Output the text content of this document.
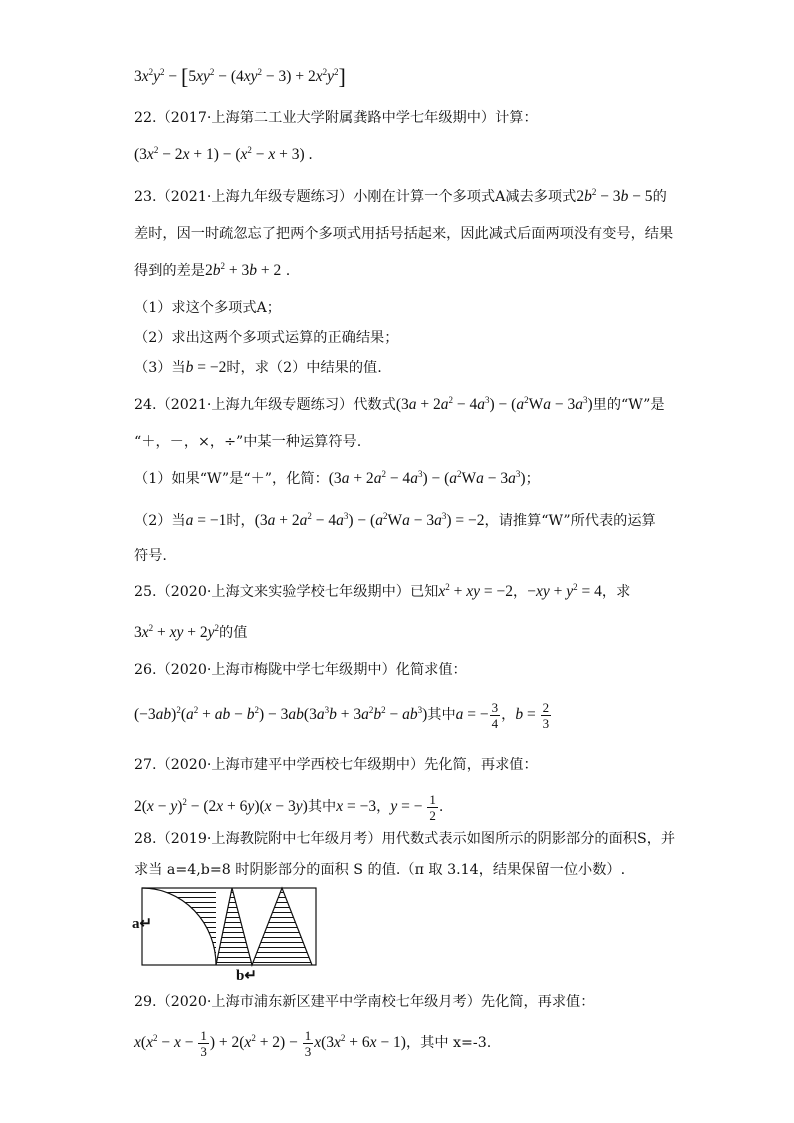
$3x^2y^2 - [5xy^2 - (4xy^2 - 3) + 2x^2y^2]$
22.（2017·上海第二工业大学附属龚路中学七年级期中）计算：
$(3x^2 - 2x + 1) - (x^2 - x + 3)$ .
23.（2021·上海九年级专题练习）小刚在计算一个多项式A减去多项式$2b^2 - 3b - 5$的
差时，因一时疏忽忘了把两个多项式用括号括起来，因此减式后面两项没有变号，结果
得到的差是$2b^2 + 3b + 2$ .
（1）求这个多项式A；
（2）求出这两个多项式运算的正确结果；
（3）当b = −2时，求（2）中结果的值.
24.（2021·上海九年级专题练习）代数式$(3a + 2a^2 - 4a^3) - (a^2Wa - 3a^3)$里的“W”是
“＋，－，×，÷”中某一种运算符号.
（1）如果“W”是“＋”，化简：$(3a + 2a^2 - 4a^3) - (a^2Wa - 3a^3)$；
（2）当a = −1时，$(3a + 2a^2 - 4a^3) - (a^2Wa - 3a^3) = -2$，请推算“W”所代表的运算
符号.
25.（2020·上海文来实验学校七年级期中）已知$x^2$ + xy = −2，$-xy + y^2 = 4$，求
$3x^2$ + xy + $2y^2$的值
26.（2020·上海市梅陇中学七年级期中）化简求值：
$(-3ab)^2(a^2$ + ab − $b^2) - 3ab(3a^3b + 3a^2b^2 - ab^3)$其中a = − $\frac{3}{4}$ ，$b = \frac{2}{3}$
27.（2020·上海市建平中学西校七年级期中）先化简，再求值：
$2(x - y)^2 - (2x + 6y)(x - 3y)$其中x = −3，y = − $\frac{1}{2}$ .
28.（2019·上海教院附中七年级月考）用代数式表示如图所示的阴影部分的面积S，并
求当 a=4,b=8 时阴影部分的面积 S 的值.（π 取 3.14，结果保留一位小数）.
a↵
b↵
29.（2020·上海市浦东新区建平中学南校七年级月考）先化简，再求值：
$x(x^2 - x - \frac{1}{3}$ ) + $2(x^2 + 2) - \frac{1}{3} x(3x^2 + 6x - 1)$，其中 x=-3.
